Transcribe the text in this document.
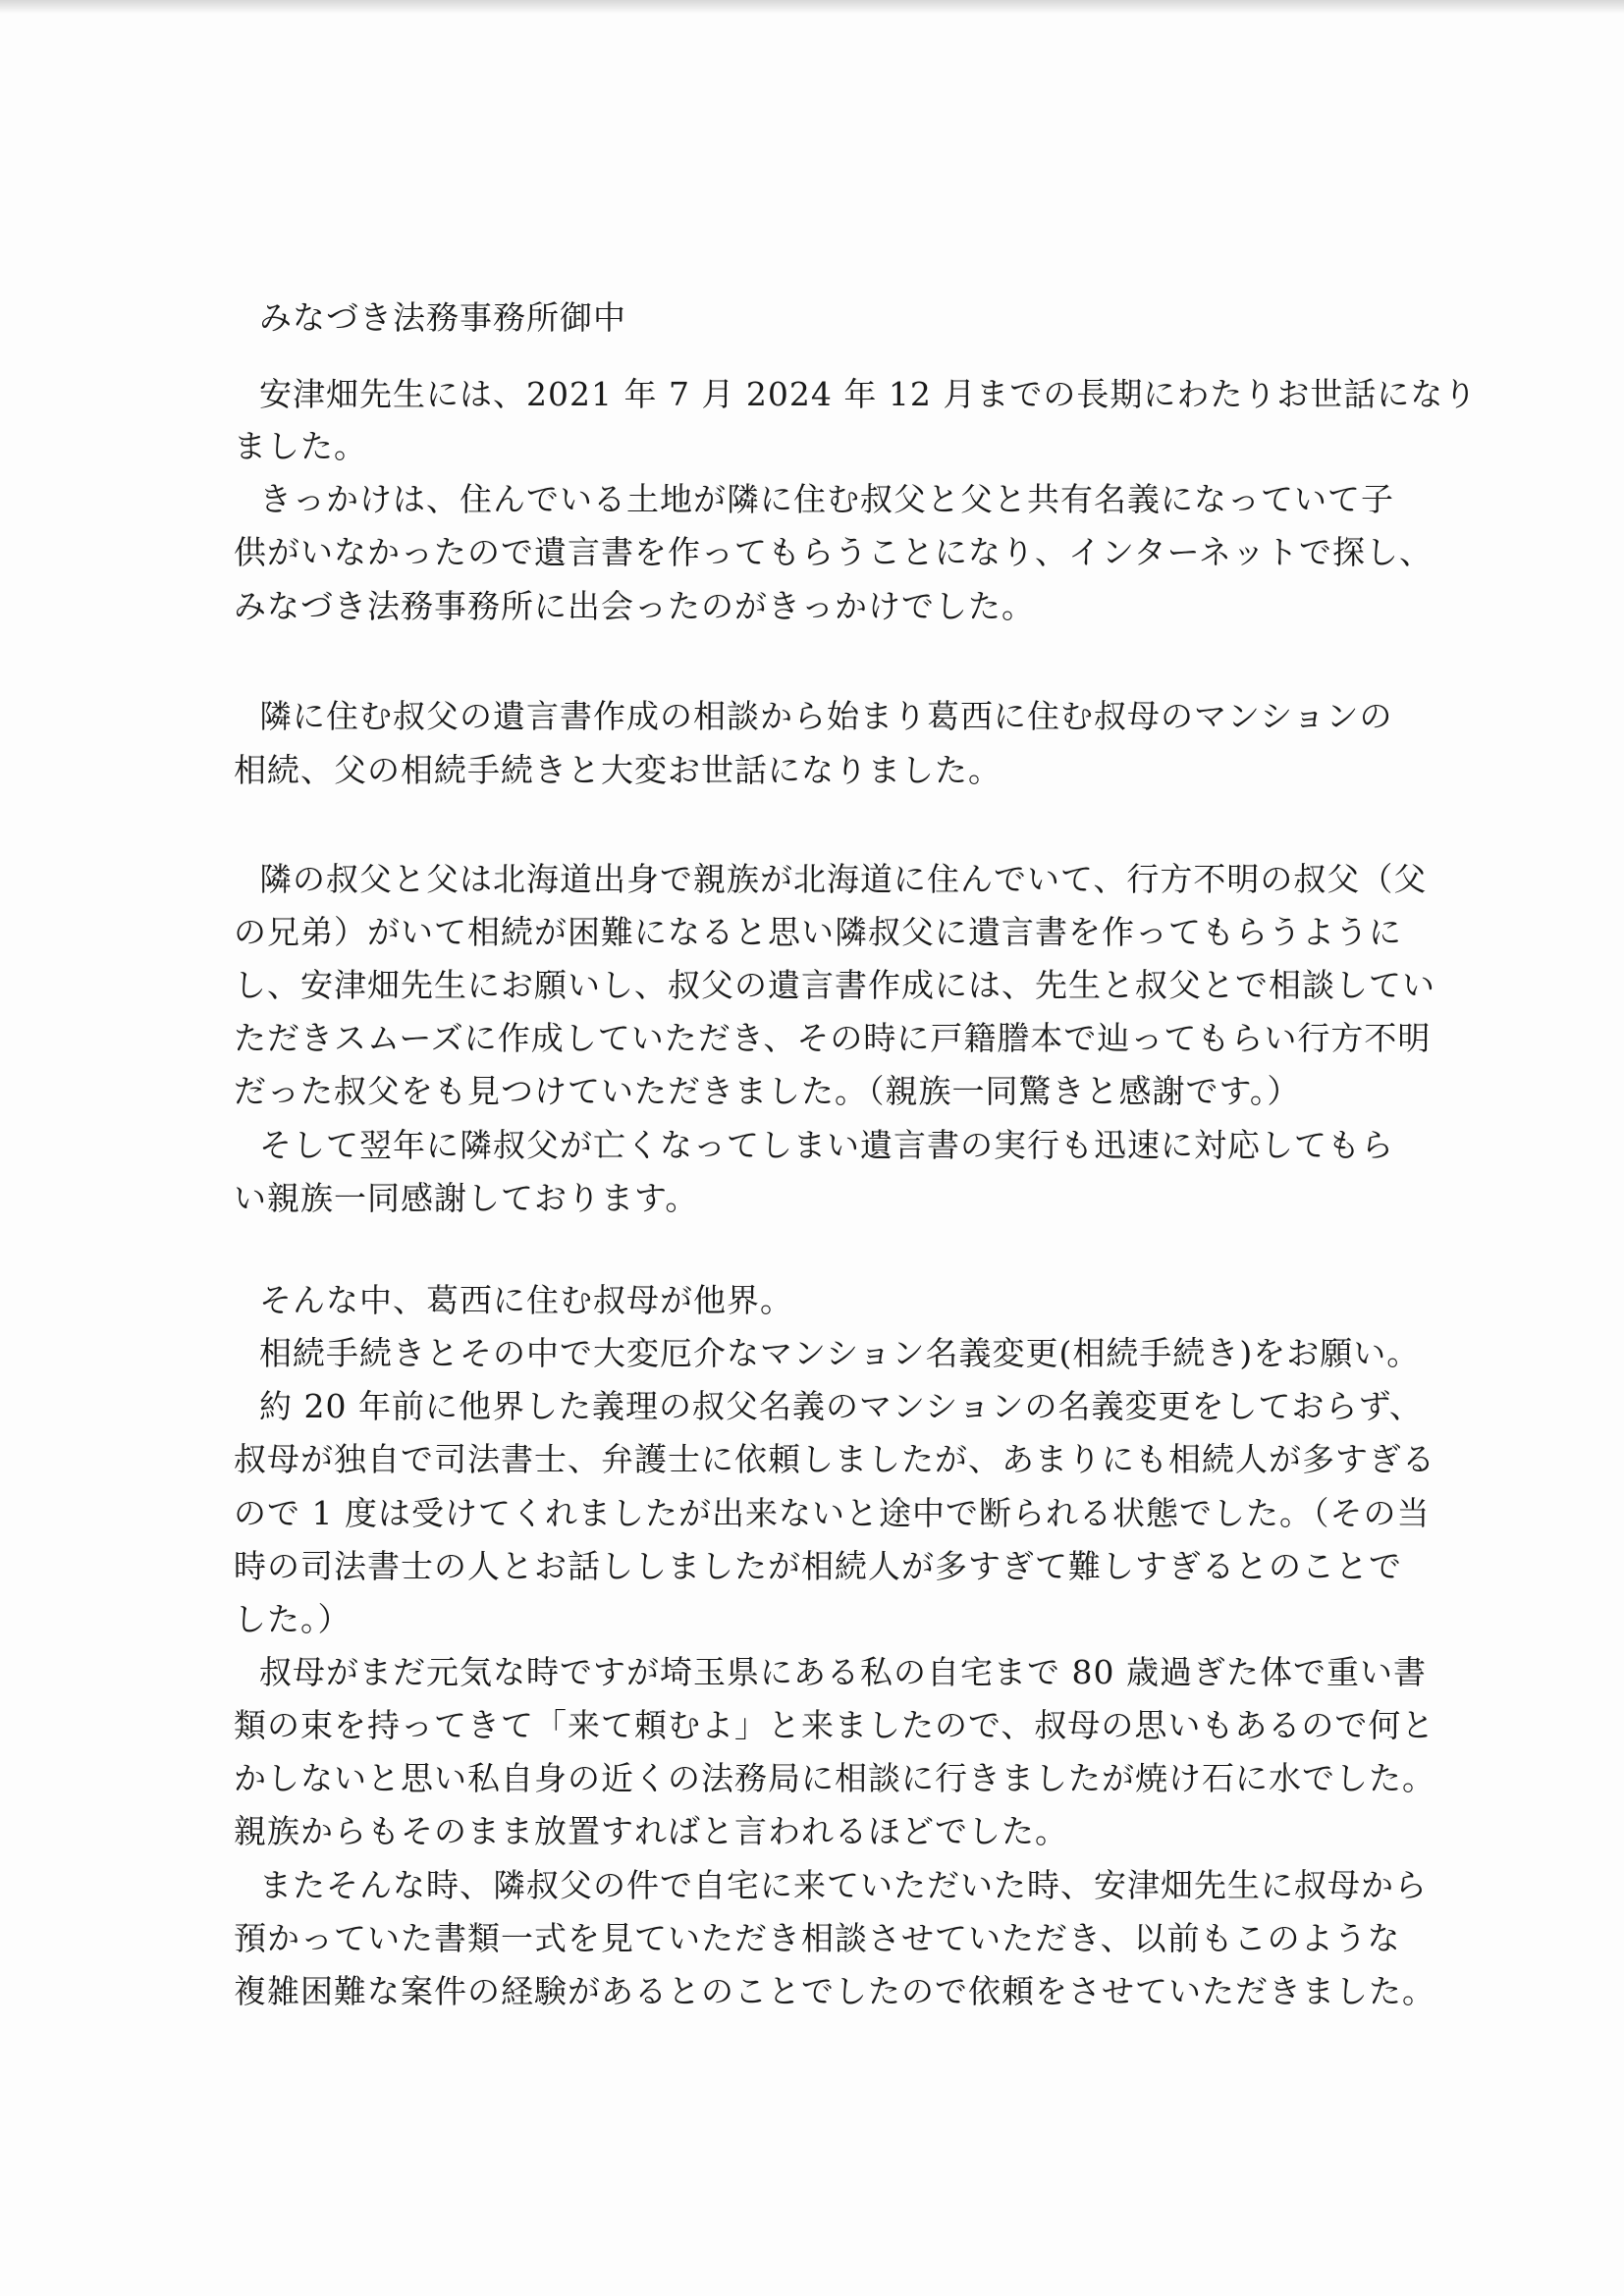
みなづき法務事務所御中
安津畑先生には、2021 年 7 月 2024 年 12 月までの長期にわたりお世話になり
ました。
きっかけは、住んでいる土地が隣に住む叔父と父と共有名義になっていて子
供がいなかったので遺言書を作ってもらうことになり、インターネットで探し、
みなづき法務事務所に出会ったのがきっかけでした。
隣に住む叔父の遺言書作成の相談から始まり葛西に住む叔母のマンションの
相続、父の相続手続きと大変お世話になりました。
隣の叔父と父は北海道出身で親族が北海道に住んでいて、行方不明の叔父（父
の兄弟）がいて相続が困難になると思い隣叔父に遺言書を作ってもらうように
し、安津畑先生にお願いし、叔父の遺言書作成には、先生と叔父とで相談してい
ただきスムーズに作成していただき、その時に戸籍謄本で辿ってもらい行方不明
だった叔父をも見つけていただきました。（親族一同驚きと感謝です。）
そして翌年に隣叔父が亡くなってしまい遺言書の実行も迅速に対応してもら
い親族一同感謝しております。
そんな中、葛西に住む叔母が他界。
相続手続きとその中で大変厄介なマンション名義変更(相続手続き)をお願い。
約 20 年前に他界した義理の叔父名義のマンションの名義変更をしておらず、
叔母が独自で司法書士、弁護士に依頼しましたが、あまりにも相続人が多すぎる
ので 1 度は受けてくれましたが出来ないと途中で断られる状態でした。（その当
時の司法書士の人とお話ししましたが相続人が多すぎて難しすぎるとのことで
した。）
叔母がまだ元気な時ですが埼玉県にある私の自宅まで 80 歳過ぎた体で重い書
類の束を持ってきて「来て頼むよ」と来ましたので、叔母の思いもあるので何と
かしないと思い私自身の近くの法務局に相談に行きましたが焼け石に水でした。
親族からもそのまま放置すればと言われるほどでした。
またそんな時、隣叔父の件で自宅に来ていただいた時、安津畑先生に叔母から
預かっていた書類一式を見ていただき相談させていただき、以前もこのような
複雑困難な案件の経験があるとのことでしたので依頼をさせていただきました。
